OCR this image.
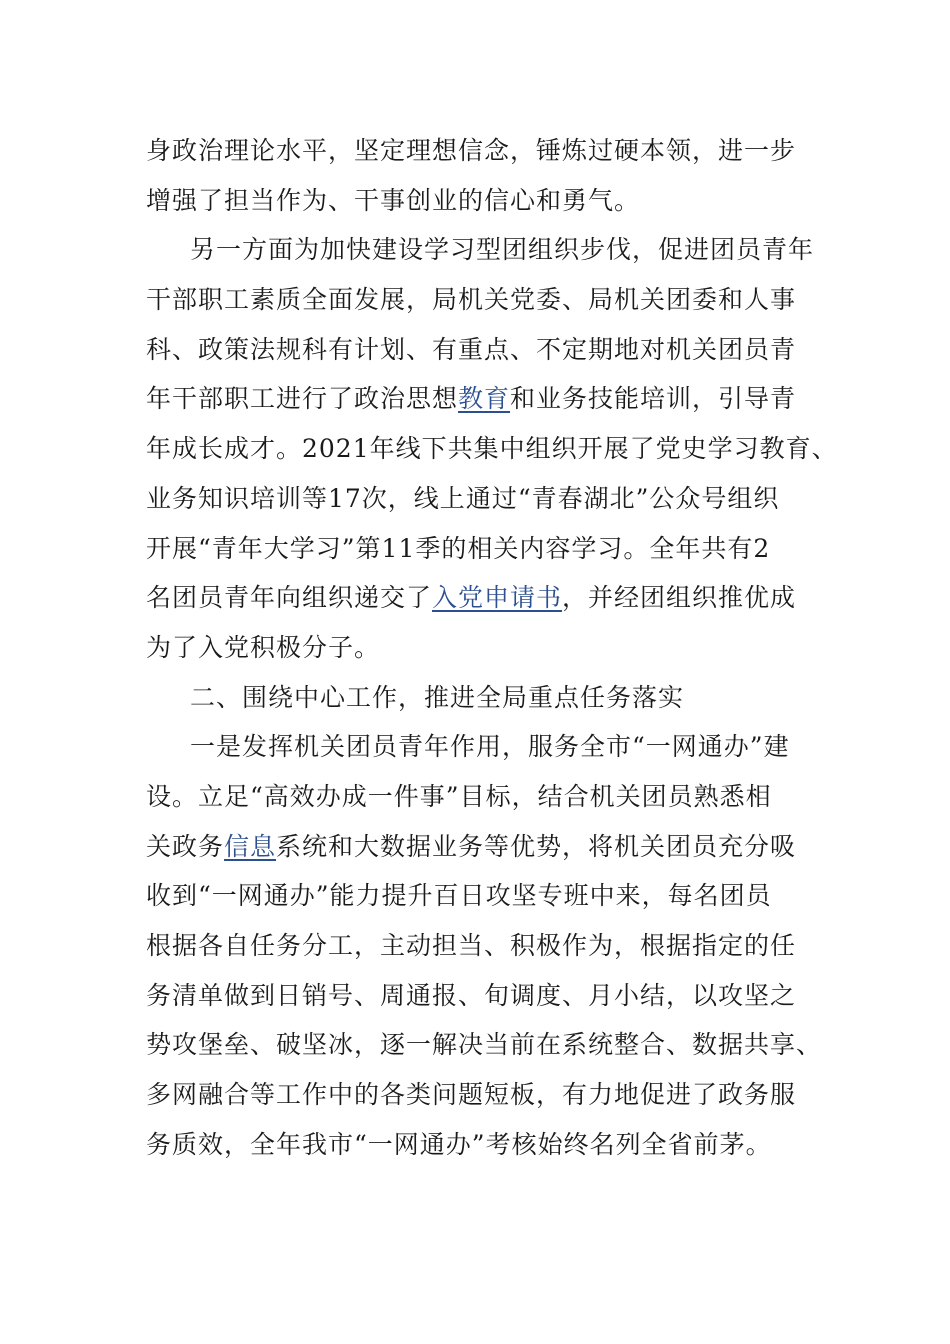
身政治理论水平，坚定理想信念，锤炼过硬本领，进一步
增强了担当作为、干事创业的信心和勇气。
另一方面为加快建设学习型团组织步伐，促进团员青年
干部职工素质全面发展，局机关党委、局机关团委和人事
科、政策法规科有计划、有重点、不定期地对机关团员青
年干部职工进行了政治思想教育和业务技能培训，引导青
年成长成才。2021年线下共集中组织开展了党史学习教育、
业务知识培训等17次，线上通过“青春湖北”公众号组织
开展“青年大学习”第11季的相关内容学习。全年共有2
名团员青年向组织递交了入党申请书，并经团组织推优成
为了入党积极分子。
二、围绕中心工作，推进全局重点任务落实
一是发挥机关团员青年作用，服务全市“一网通办”建
设。立足“高效办成一件事”目标，结合机关团员熟悉相
关政务信息系统和大数据业务等优势，将机关团员充分吸
收到“一网通办”能力提升百日攻坚专班中来，每名团员
根据各自任务分工，主动担当、积极作为，根据指定的任
务清单做到日销号、周通报、旬调度、月小结，以攻坚之
势攻堡垒、破坚冰，逐一解决当前在系统整合、数据共享、
多网融合等工作中的各类问题短板，有力地促进了政务服
务质效，全年我市“一网通办”考核始终名列全省前茅。
